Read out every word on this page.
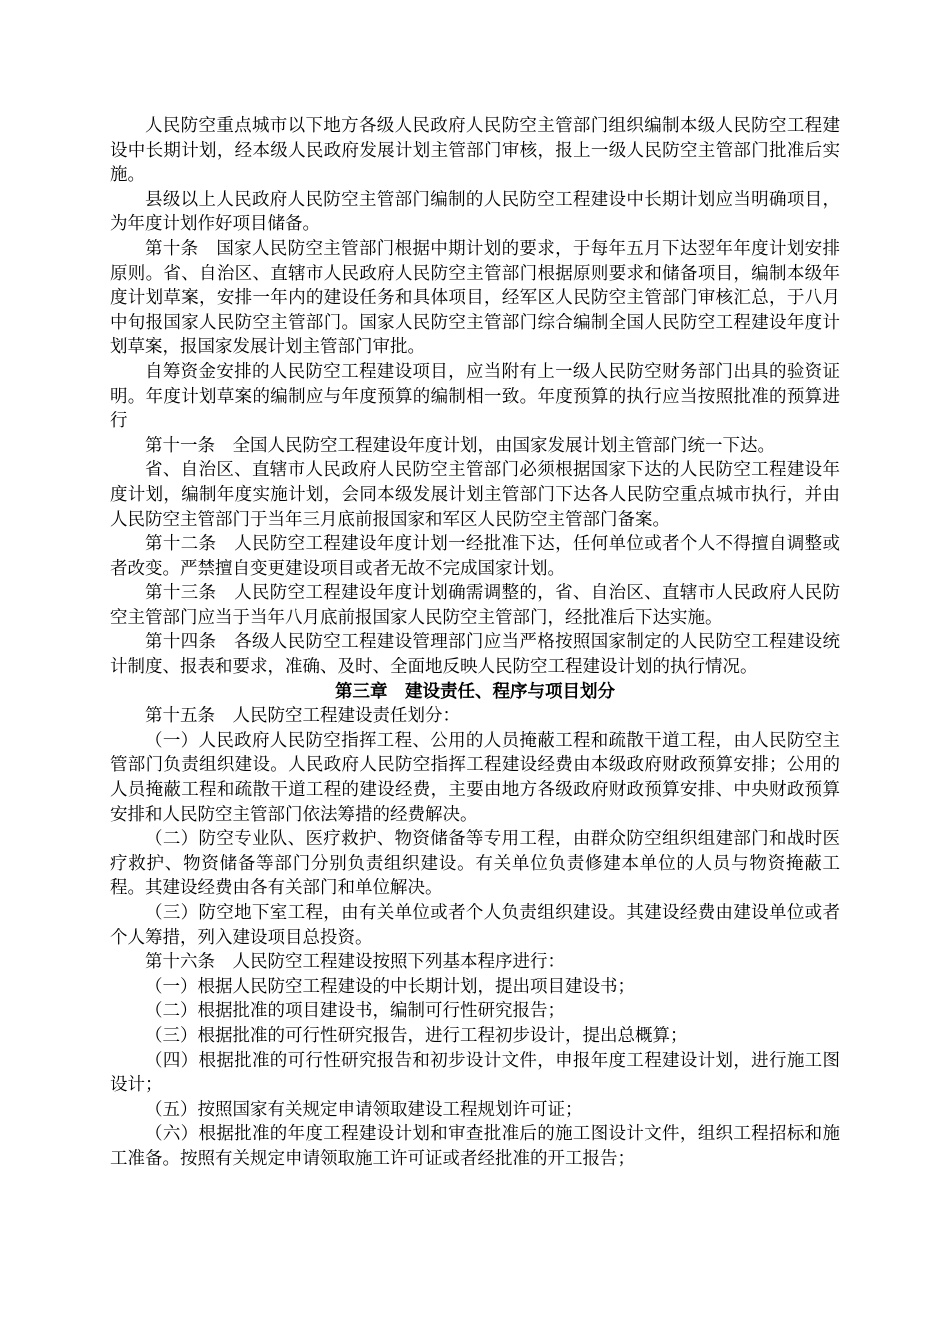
人民防空重点城市以下地方各级人民政府人民防空主管部门组织编制本级人民防空工程建设中长期计划，经本级人民政府发展计划主管部门审核，报上一级人民防空主管部门批准后实施。

县级以上人民政府人民防空主管部门编制的人民防空工程建设中长期计划应当明确项目，为年度计划作好项目储备。

第十条　国家人民防空主管部门根据中期计划的要求，于每年五月下达翌年年度计划安排原则。省、自治区、直辖市人民政府人民防空主管部门根据原则要求和储备项目，编制本级年度计划草案，安排一年内的建设任务和具体项目，经军区人民防空主管部门审核汇总，于八月中旬报国家人民防空主管部门。国家人民防空主管部门综合编制全国人民防空工程建设年度计划草案，报国家发展计划主管部门审批。

自筹资金安排的人民防空工程建设项目，应当附有上一级人民防空财务部门出具的验资证明。年度计划草案的编制应与年度预算的编制相一致。年度预算的执行应当按照批准的预算进行

第十一条　全国人民防空工程建设年度计划，由国家发展计划主管部门统一下达。

省、自治区、直辖市人民政府人民防空主管部门必须根据国家下达的人民防空工程建设年度计划，编制年度实施计划，会同本级发展计划主管部门下达各人民防空重点城市执行，并由人民防空主管部门于当年三月底前报国家和军区人民防空主管部门备案。

第十二条　人民防空工程建设年度计划一经批准下达，任何单位或者个人不得擅自调整或者改变。严禁擅自变更建设项目或者无故不完成国家计划。

第十三条　人民防空工程建设年度计划确需调整的，省、自治区、直辖市人民政府人民防空主管部门应当于当年八月底前报国家人民防空主管部门，经批准后下达实施。

第十四条　各级人民防空工程建设管理部门应当严格按照国家制定的人民防空工程建设统计制度、报表和要求，准确、及时、全面地反映人民防空工程建设计划的执行情况。

第三章　建设责任、程序与项目划分

第十五条　人民防空工程建设责任划分：

（一）人民政府人民防空指挥工程、公用的人员掩蔽工程和疏散干道工程，由人民防空主管部门负责组织建设。人民政府人民防空指挥工程建设经费由本级政府财政预算安排；公用的人员掩蔽工程和疏散干道工程的建设经费，主要由地方各级政府财政预算安排、中央财政预算安排和人民防空主管部门依法筹措的经费解决。

（二）防空专业队、医疗救护、物资储备等专用工程，由群众防空组织组建部门和战时医疗救护、物资储备等部门分别负责组织建设。有关单位负责修建本单位的人员与物资掩蔽工程。其建设经费由各有关部门和单位解决。

（三）防空地下室工程，由有关单位或者个人负责组织建设。其建设经费由建设单位或者个人筹措，列入建设项目总投资。

第十六条　人民防空工程建设按照下列基本程序进行：

（一）根据人民防空工程建设的中长期计划，提出项目建设书；

（二）根据批准的项目建设书，编制可行性研究报告；

（三）根据批准的可行性研究报告，进行工程初步设计，提出总概算；

（四）根据批准的可行性研究报告和初步设计文件，申报年度工程建设计划，进行施工图设计；

（五）按照国家有关规定申请领取建设工程规划许可证；

（六）根据批准的年度工程建设计划和审查批准后的施工图设计文件，组织工程招标和施工准备。按照有关规定申请领取施工许可证或者经批准的开工报告；
